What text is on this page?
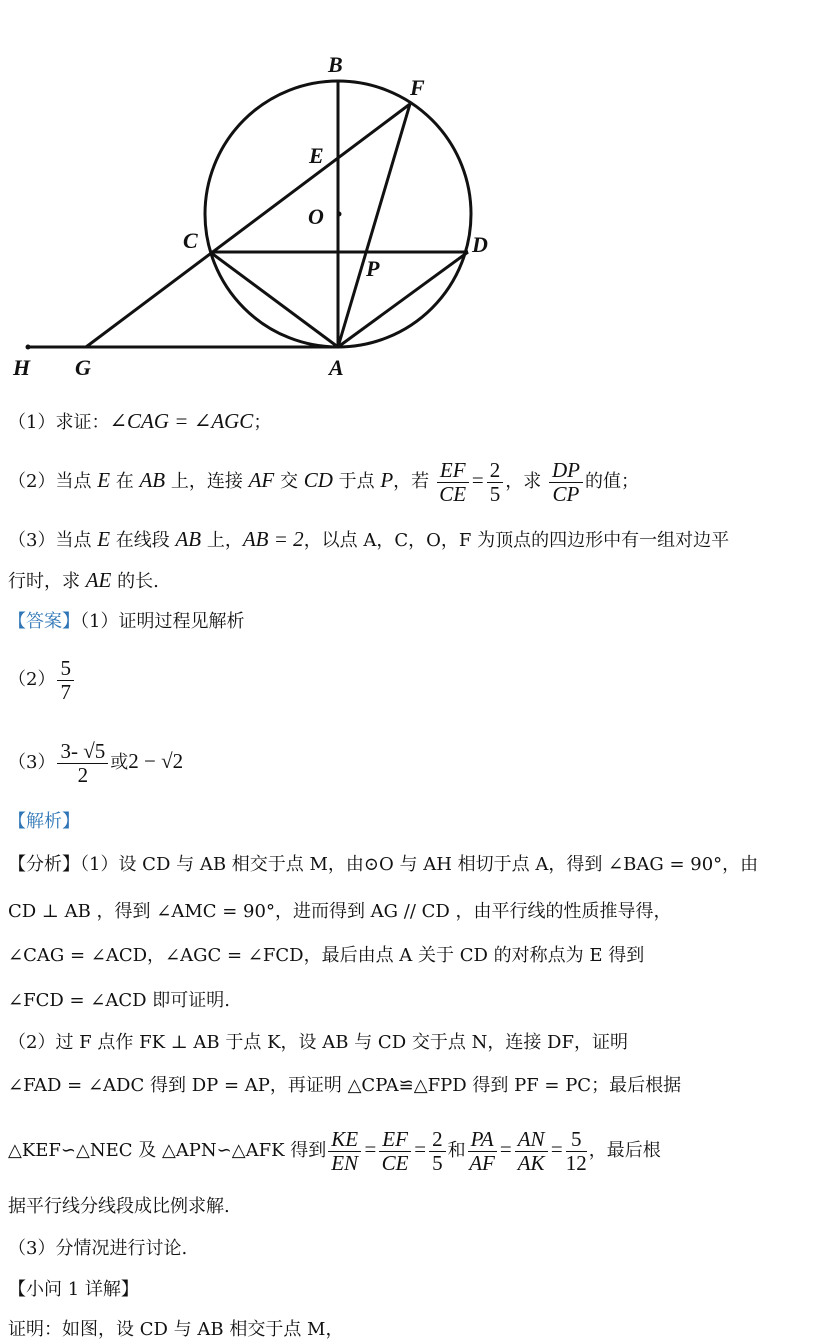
B
F
E
O
C	D
P
H G	A
（1）求证：∠CAG = ∠AGC；
（2）当点 E 在 AB 上，连接 AF 交 CD 于点 P，若 $\frac{EF}{CE} = \frac{2}{5}$ ，求 $\frac{DP}{CP}$ 的值；
（3）当点 E 在线段 AB 上，AB = 2，以点 A，C，O，F 为顶点的四边形中有一组对边平
行时，求 AE 的长.
【答案】（1）证明过程见解析
$(2) \frac{5}{7}$
$(3) \frac{3- √5}{2}$ 或2 − √2
【解析】
【分析】（1）设 CD 与 AB 相交于点 M，由⊙O 与 AH 相切于点 A，得到 ∠BAG = 90°，由
CD ⊥ AB ，得到 ∠AMC = 90°，进而得到 AG // CD ，由平行线的性质推导得，
∠CAG = ∠ACD，∠AGC = ∠FCD，最后由点 A 关于 CD 的对称点为 E 得到
∠FCD = ∠ACD 即可证明.
（2）过 F 点作 FK ⊥ AB 于点 K，设 AB 与 CD 交于点 N，连接 DF，证明
∠FAD = ∠ADC 得到 DP = AP，再证明 △CPA≌△FPD 得到 PF = PC；最后根据
△KEF∽△NEC 及 △APN∽△AFK 得到 $\frac{KE}{EN} = \frac{EF}{CE} = \frac{2}{5}$ 和 $\frac{PA}{AF} = \frac{AN}{AK} = \frac{5}{12}$ ，最后根
据平行线分线段成比例求解.
（3）分情况进行讨论.
【小问 1 详解】
证明：如图，设 CD 与 AB 相交于点 M，
